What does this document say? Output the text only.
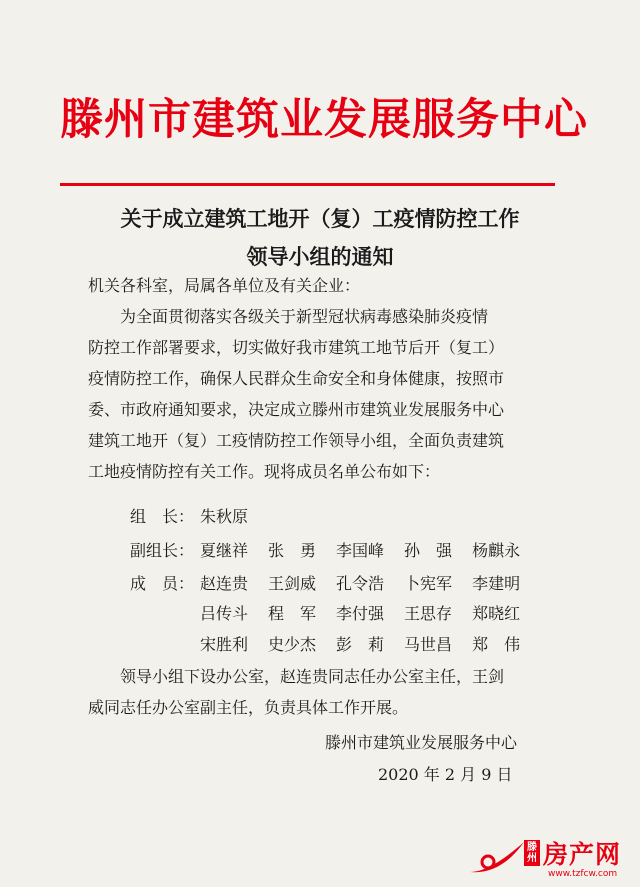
滕州市建筑业发展服务中心
关于成立建筑工地开（复）工疫情防控工作
领导小组的通知
机关各科室，局属各单位及有关企业：
为全面贯彻落实各级关于新型冠状病毒感染肺炎疫情
防控工作部署要求，切实做好我市建筑工地节后开（复工）
疫情防控工作，确保人民群众生命安全和身体健康，按照市
委、市政府通知要求，决定成立滕州市建筑业发展服务中心
建筑工地开（复）工疫情防控工作领导小组，全面负责建筑
工地疫情防控有关工作。现将成员名单公布如下：
组　长： 朱秋原
副组长： 夏继祥 张　勇 李国峰 孙　强 杨麒永
成　员： 赵连贵 王剑威 孔令浩 卜宪军 李建明
吕传斗 程　军 李付强 王思存 郑晓红
宋胜利 史少杰 彭　莉 马世昌 郑　伟
领导小组下设办公室，赵连贵同志任办公室主任，王剑
威同志任办公室副主任，负责具体工作开展。
滕州市建筑业发展服务中心
2020 年 2 月 9 日
滕州 房产网
www.tzfcw.com
